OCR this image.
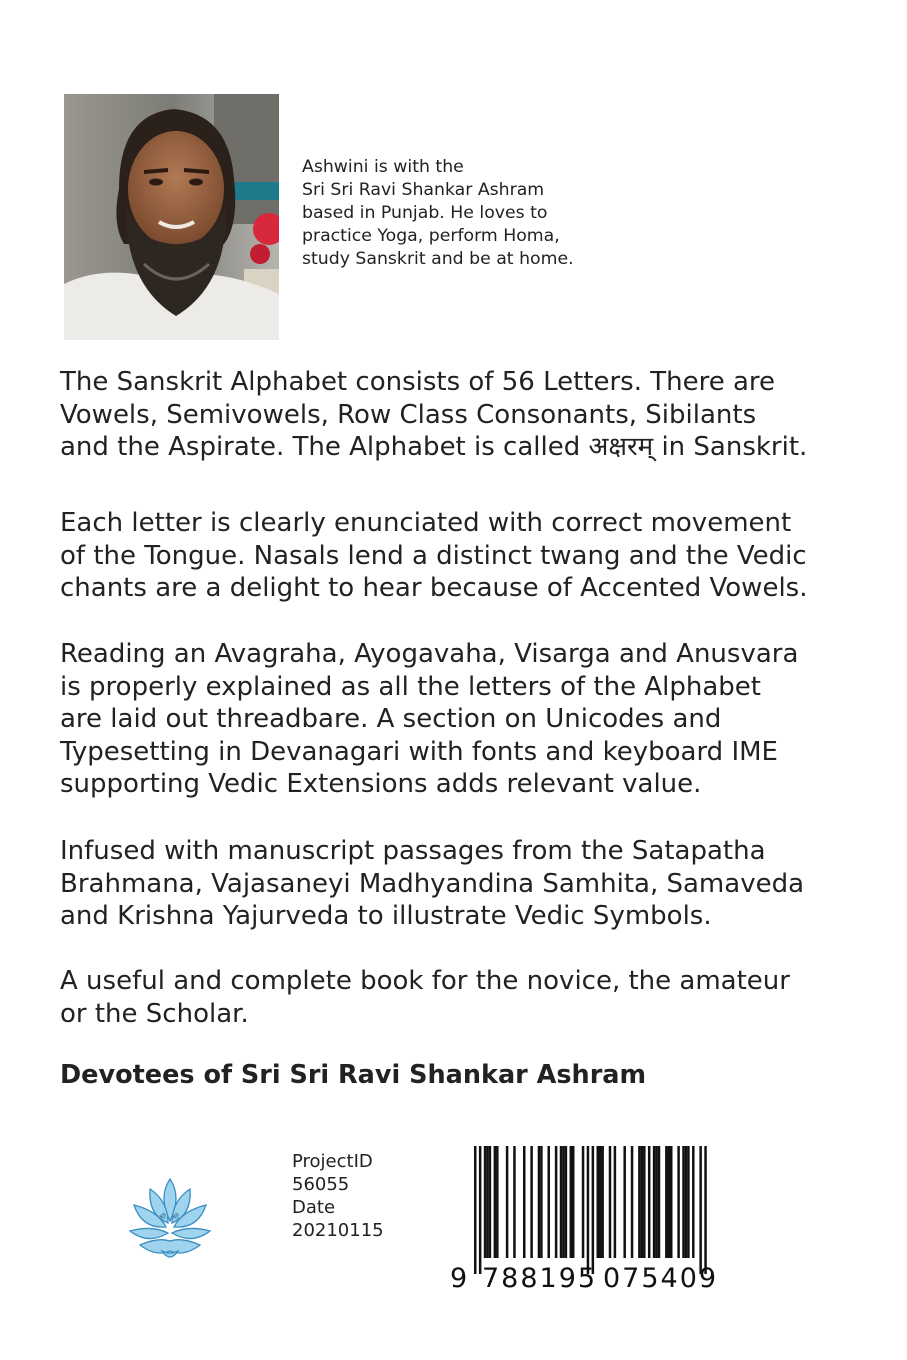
Ashwini is with the
Sri Sri Ravi Shankar Ashram
based in Punjab. He loves to
practice Yoga, perform Homa,
study Sanskrit and be at home.
The Sanskrit Alphabet consists of 56 Letters. There are
Vowels, Semivowels, Row Class Consonants, Sibilants
and the Aspirate. The Alphabet is called अक्षरम् in Sanskrit.
Each letter is clearly enunciated with correct movement
of the Tongue. Nasals lend a distinct twang and the Vedic
chants are a delight to hear because of Accented Vowels.
Reading an Avagraha, Ayogavaha, Visarga and Anusvara
is properly explained as all the letters of the Alphabet
are laid out threadbare. A section on Unicodes and
Typesetting in Devanagari with fonts and keyboard IME
supporting Vedic Extensions adds relevant value.
Infused with manuscript passages from the Satapatha
Brahmana, Vajasaneyi Madhyandina Samhita, Samaveda
and Krishna Yajurveda to illustrate Vedic Symbols.
A useful and complete book for the novice, the amateur
or the Scholar.
Devotees of Sri Sri Ravi Shankar Ashram
श्री श्री
ProjectID
56055
Date
20210115
9 788195 075409
